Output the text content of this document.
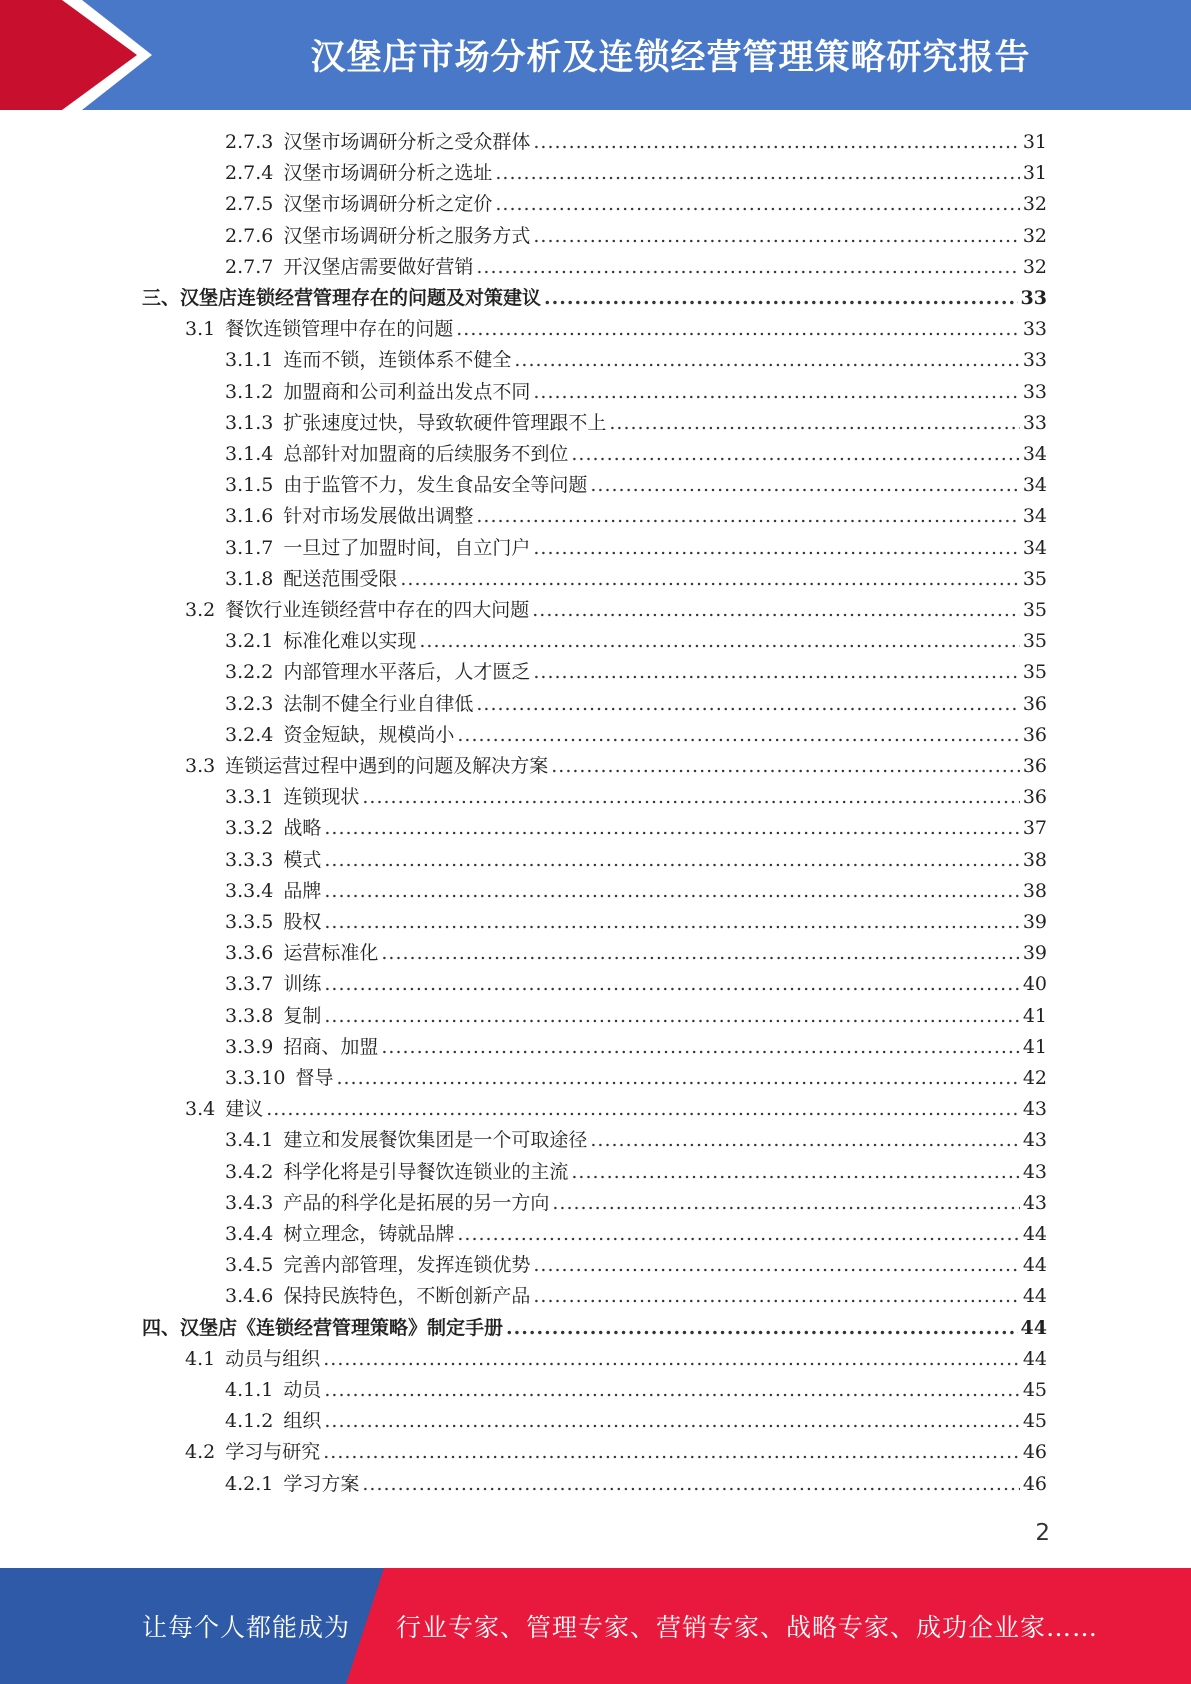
汉堡店市场分析及连锁经营管理策略研究报告
2.7.3 汉堡市场调研分析之受众群体 .....	31
2.7.4 汉堡市场调研分析之选址 .....	31
2.7.5 汉堡市场调研分析之定价 .....	32
2.7.6 汉堡市场调研分析之服务方式 .....	32
2.7.7 开汉堡店需要做好营销 .....	32
三、汉堡店连锁经营管理存在的问题及对策建议 .....	33
3.1 餐饮连锁管理中存在的问题 .....	33
3.1.1 连而不锁，连锁体系不健全 .....	33
3.1.2 加盟商和公司利益出发点不同 .....	33
3.1.3 扩张速度过快，导致软硬件管理跟不上 .....	33
3.1.4 总部针对加盟商的后续服务不到位 .....	34
3.1.5 由于监管不力，发生食品安全等问题 .....	34
3.1.6 针对市场发展做出调整 .....	34
3.1.7 一旦过了加盟时间，自立门户 .....	34
3.1.8 配送范围受限 .....	35
3.2 餐饮行业连锁经营中存在的四大问题 .....	35
3.2.1 标准化难以实现 .....	35
3.2.2 内部管理水平落后，人才匮乏 .....	35
3.2.3 法制不健全行业自律低 .....	36
3.2.4 资金短缺，规模尚小 .....	36
3.3 连锁运营过程中遇到的问题及解决方案 .....	36
3.3.1 连锁现状 .....	36
3.3.2 战略 .....	37
3.3.3 模式 .....	38
3.3.4 品牌 .....	38
3.3.5 股权 .....	39
3.3.6 运营标准化 .....	39
3.3.7 训练 .....	40
3.3.8 复制 .....	41
3.3.9 招商、加盟 .....	41
3.3.10 督导 .....	42
3.4 建议 .....	43
3.4.1 建立和发展餐饮集团是一个可取途径 .....	43
3.4.2 科学化将是引导餐饮连锁业的主流 .....	43
3.4.3 产品的科学化是拓展的另一方向 .....	43
3.4.4 树立理念，铸就品牌 .....	44
3.4.5 完善内部管理，发挥连锁优势 .....	44
3.4.6 保持民族特色，不断创新产品 .....	44
四、汉堡店《连锁经营管理策略》制定手册 .....	44
4.1 动员与组织 .....	44
4.1.1 动员 .....	45
4.1.2 组织 .....	45
4.2 学习与研究 .....	46
4.2.1 学习方案 .....	46
2
让每个人都能成为 行业专家、管理专家、营销专家、战略专家、成功企业家……
